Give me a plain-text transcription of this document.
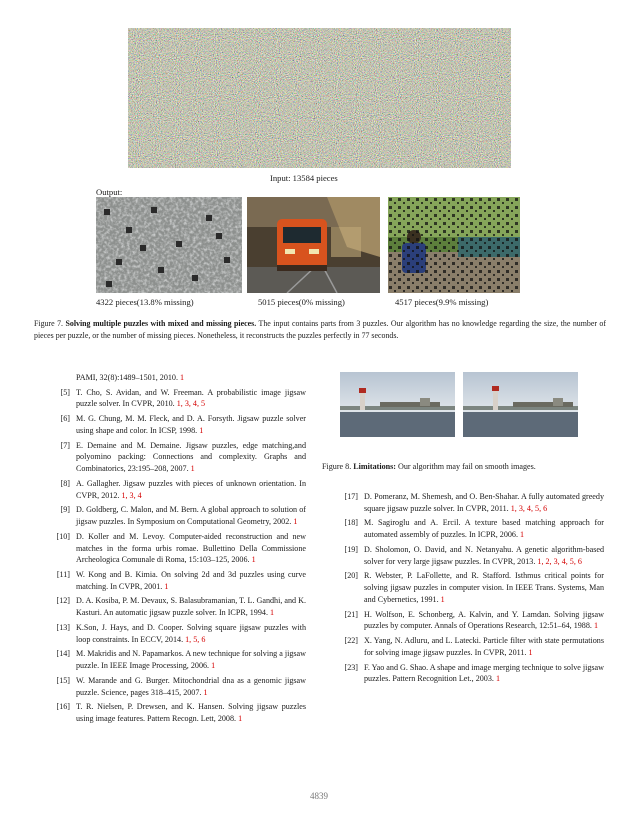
Input: 13584 pieces
Output:
4322 pieces(13.8% missing)	5015 pieces(0% missing)	4517 pieces(9.9% missing)
Figure 7. Solving multiple puzzles with mixed and missing pieces. The input contains parts from 3 puzzles. Our algorithm has no knowledge regarding the size, the number of pieces per puzzle, or the number of missing pieces. Nonetheless, it reconstructs the puzzles perfectly in 77 seconds.
PAMI, 32(8):1489–1501, 2010. 1
[5] T. Cho, S. Avidan, and W. Freeman. A probabilistic image jigsaw puzzle solver. In CVPR, 2010. 1, 3, 4, 5
[6] M. G. Chung, M. M. Fleck, and D. A. Forsyth. Jigsaw puzzle solver using shape and color. In ICSP, 1998. 1
[7] E. Demaine and M. Demaine. Jigsaw puzzles, edge matching,and polyomino packing: Connections and complexity. Graphs and Combinatorics, 23:195–208, 2007. 1
[8] A. Gallagher. Jigsaw puzzles with pieces of unknown orientation. In CVPR, 2012. 1, 3, 4
[9] D. Goldberg, C. Malon, and M. Bern. A global approach to solution of jigsaw puzzles. In Symposium on Computational Geometry, 2002. 1
[10] D. Koller and M. Levoy. Computer-aided reconstruction and new matches in the forma urbis romae. Bullettino Della Commissione Archeologica Comunale di Roma, 15:103–125, 2006. 1
[11] W. Kong and B. Kimia. On solving 2d and 3d puzzles using curve matching. In CVPR, 2001. 1
[12] D. A. Kosiba, P. M. Devaux, S. Balasubramanian, T. L. Gandhi, and K. Kasturi. An automatic jigsaw puzzle solver. In ICPR, 1994. 1
[13] K.Son, J. Hays, and D. Cooper. Solving square jigsaw puzzles with loop constraints. In ECCV, 2014. 1, 5, 6
[14] M. Makridis and N. Papamarkos. A new technique for solving a jigsaw puzzle. In IEEE Image Processing, 2006. 1
[15] W. Marande and G. Burger. Mitochondrial dna as a genomic jigsaw puzzle. Science, pages 318–415, 2007. 1
[16] T. R. Nielsen, P. Drewsen, and K. Hansen. Solving jigsaw puzzles using image features. Pattern Recogn. Lett, 2008. 1
Figure 8. Limitations: Our algorithm may fail on smooth images.
[17] D. Pomeranz, M. Shemesh, and O. Ben-Shahar. A fully automated greedy square jigsaw puzzle solver. In CVPR, 2011. 1, 3, 4, 5, 6
[18] M. Sagiroglu and A. Ercil. A texture based matching approach for automated assembly of puzzles. In ICPR, 2006. 1
[19] D. Sholomon, O. David, and N. Netanyahu. A genetic algorithm-based solver for very large jigsaw puzzles. In CVPR, 2013. 1, 2, 3, 4, 5, 6
[20] R. Webster, P. LaFollette, and R. Stafford. Isthmus critical points for solving jigsaw puzzles in computer vision. In IEEE Trans. Systems, Man and Cybernetics, 1991. 1
[21] H. Wolfson, E. Schonberg, A. Kalvin, and Y. Lamdan. Solving jigsaw puzzles by computer. Annals of Operations Research, 12:51–64, 1988. 1
[22] X. Yang, N. Adluru, and L. Latecki. Particle filter with state permutations for solving image jigsaw puzzles. In CVPR, 2011. 1
[23] F. Yao and G. Shao. A shape and image merging technique to solve jigsaw puzzles. Pattern Recognition Let., 2003. 1
4839
